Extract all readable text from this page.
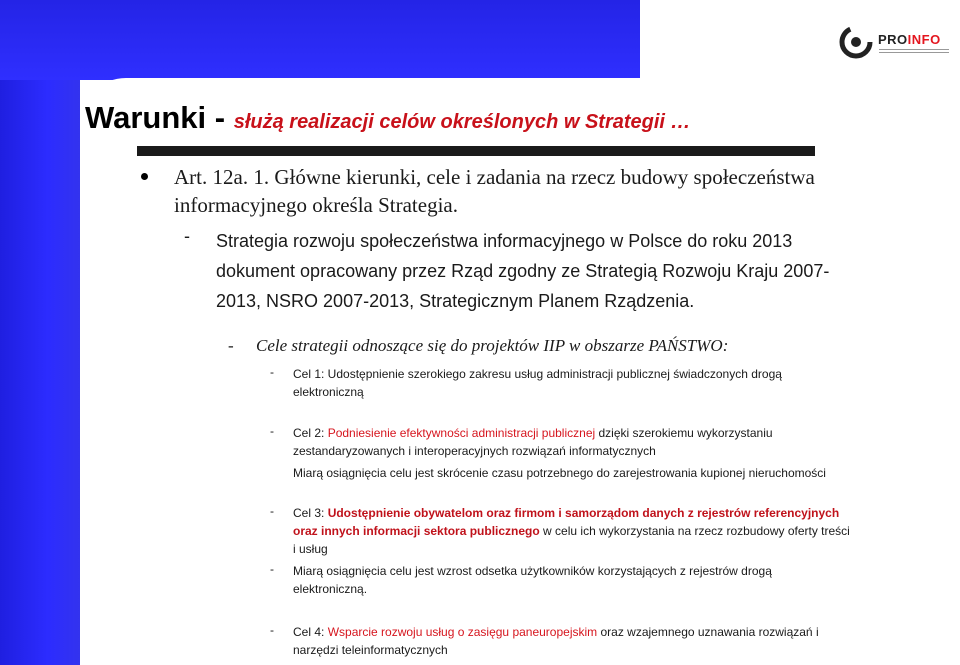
PROINFO
Warunki - służą realizacji celów określonych w Strategii …
Art. 12a. 1. Główne kierunki, cele i zadania na rzecz budowy społeczeństwa
informacyjnego określa Strategia.
- Strategia rozwoju społeczeństwa informacyjnego w Polsce do roku 2013
dokument opracowany przez Rząd zgodny ze Strategią Rozwoju Kraju 2007-
2013, NSRO 2007-2013, Strategicznym Planem Rządzenia.
- Cele strategii odnoszące się do projektów IIP w obszarze PAŃSTWO:
- Cel 1: Udostępnienie szerokiego zakresu usług administracji publicznej świadczonych drogą
elektroniczną
- Cel 2: Podniesienie efektywności administracji publicznej dzięki szerokiemu wykorzystaniu
zestandaryzowanych i interoperacyjnych rozwiązań informatycznych
Miarą osiągnięcia celu jest skrócenie czasu potrzebnego do zarejestrowania kupionej nieruchomości
- Cel 3: Udostępnienie obywatelom oraz firmom i samorządom danych z rejestrów referencyjnych
oraz innych informacji sektora publicznego w celu ich wykorzystania na rzecz rozbudowy oferty treści
i usług
- Miarą osiągnięcia celu jest wzrost odsetka użytkowników korzystających z rejestrów drogą
elektroniczną.
- Cel 4: Wsparcie rozwoju usług o zasięgu paneuropejskim oraz wzajemnego uznawania rozwiązań i
narzędzi teleinformatycznych
